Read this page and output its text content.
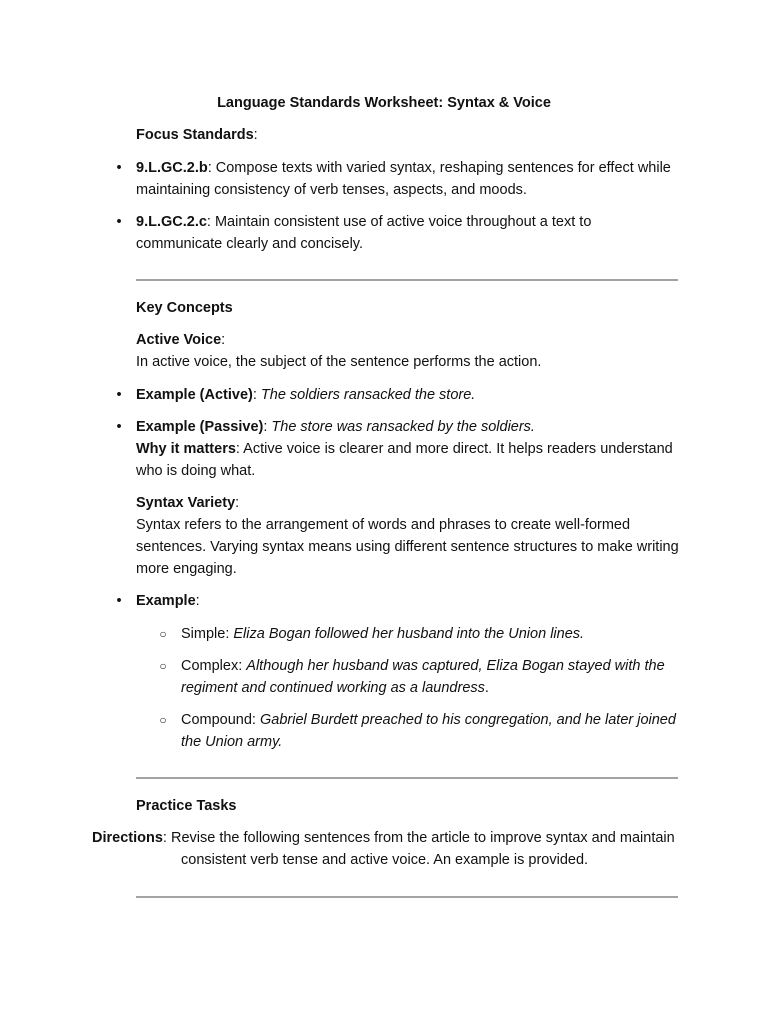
Language Standards Worksheet: Syntax & Voice
Focus Standards:
• 9.L.GC.2.b: Compose texts with varied syntax, reshaping sentences for effect while maintaining consistency of verb tenses, aspects, and moods.
• 9.L.GC.2.c: Maintain consistent use of active voice throughout a text to communicate clearly and concisely.
Key Concepts
Active Voice:
In active voice, the subject of the sentence performs the action.
• Example (Active): The soldiers ransacked the store.
• Example (Passive): The store was ransacked by the soldiers.
Why it matters: Active voice is clearer and more direct. It helps readers understand who is doing what.
Syntax Variety:
Syntax refers to the arrangement of words and phrases to create well-formed sentences. Varying syntax means using different sentence structures to make writing more engaging.
• Example:
○ Simple: Eliza Bogan followed her husband into the Union lines.
○ Complex: Although her husband was captured, Eliza Bogan stayed with the regiment and continued working as a laundress.
○ Compound: Gabriel Burdett preached to his congregation, and he later joined the Union army.
Practice Tasks
Directions: Revise the following sentences from the article to improve syntax and maintain
consistent verb tense and active voice. An example is provided.
